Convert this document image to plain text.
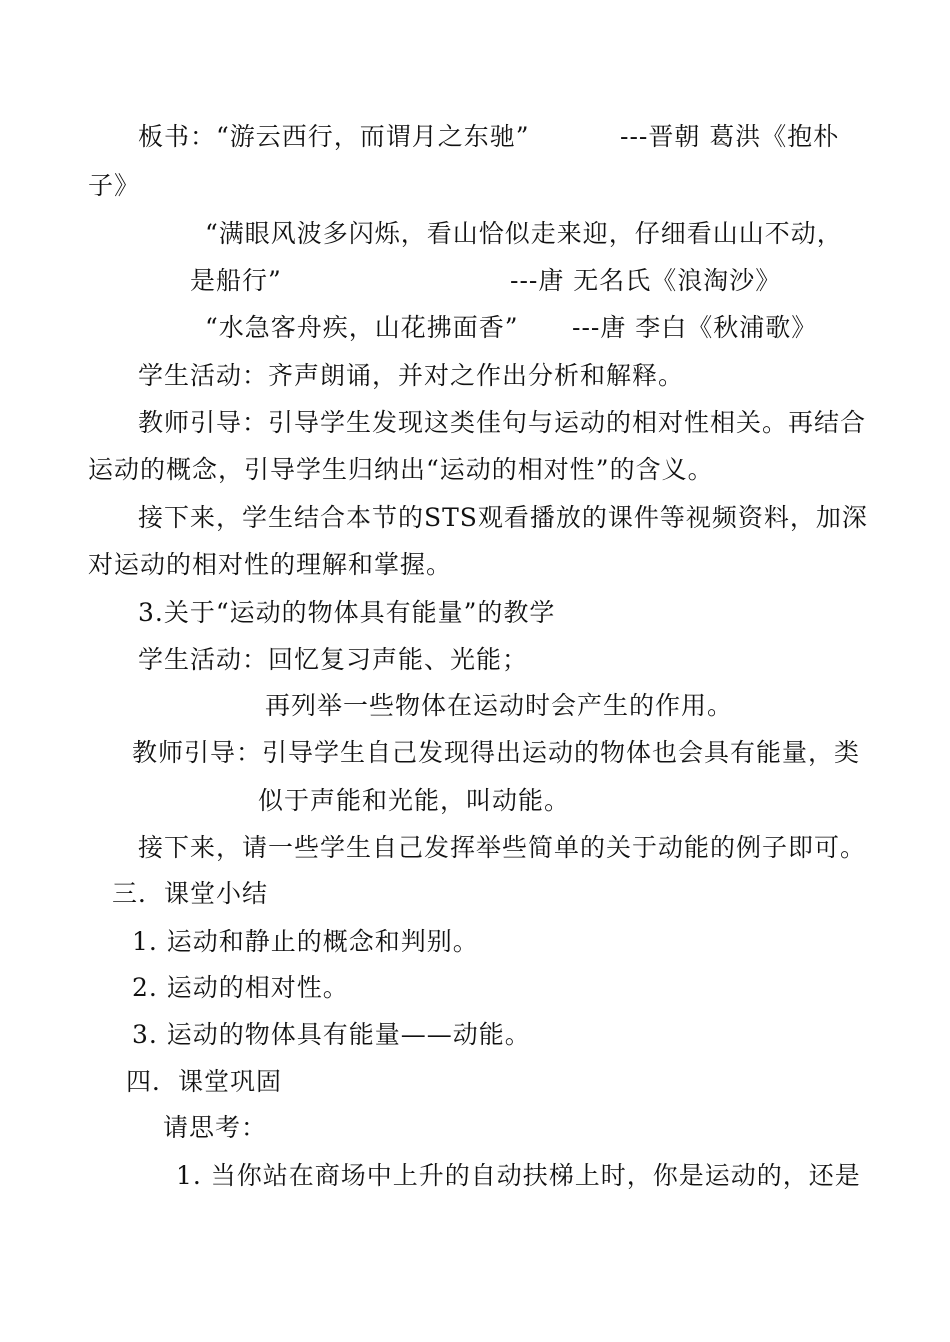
板书：“游云西行，而谓月之东驰”	---晋朝 葛洪《抱朴
子》
“满眼风波多闪烁，看山恰似走来迎，仔细看山山不动，
是船行”	---唐 无名氏《浪淘沙》
“水急客舟疾，山花拂面香” ---唐 李白《秋浦歌》
学生活动：齐声朗诵，并对之作出分析和解释。
教师引导：引导学生发现这类佳句与运动的相对性相关。再结合
运动的概念，引导学生归纳出“运动的相对性”的含义。
接下来，学生结合本节的STS观看播放的课件等视频资料，加深
对运动的相对性的理解和掌握。
3.关于“运动的物体具有能量”的教学
学生活动：回忆复习声能、光能；
再列举一些物体在运动时会产生的作用。
教师引导：引导学生自己发现得出运动的物体也会具有能量，类
似于声能和光能，叫动能。
接下来，请一些学生自己发挥举些简单的关于动能的例子即可。
三．课堂小结
1. 运动和静止的概念和判别。
2. 运动的相对性。
3. 运动的物体具有能量——动能。
四．课堂巩固
请思考：
1. 当你站在商场中上升的自动扶梯上时，你是运动的，还是
